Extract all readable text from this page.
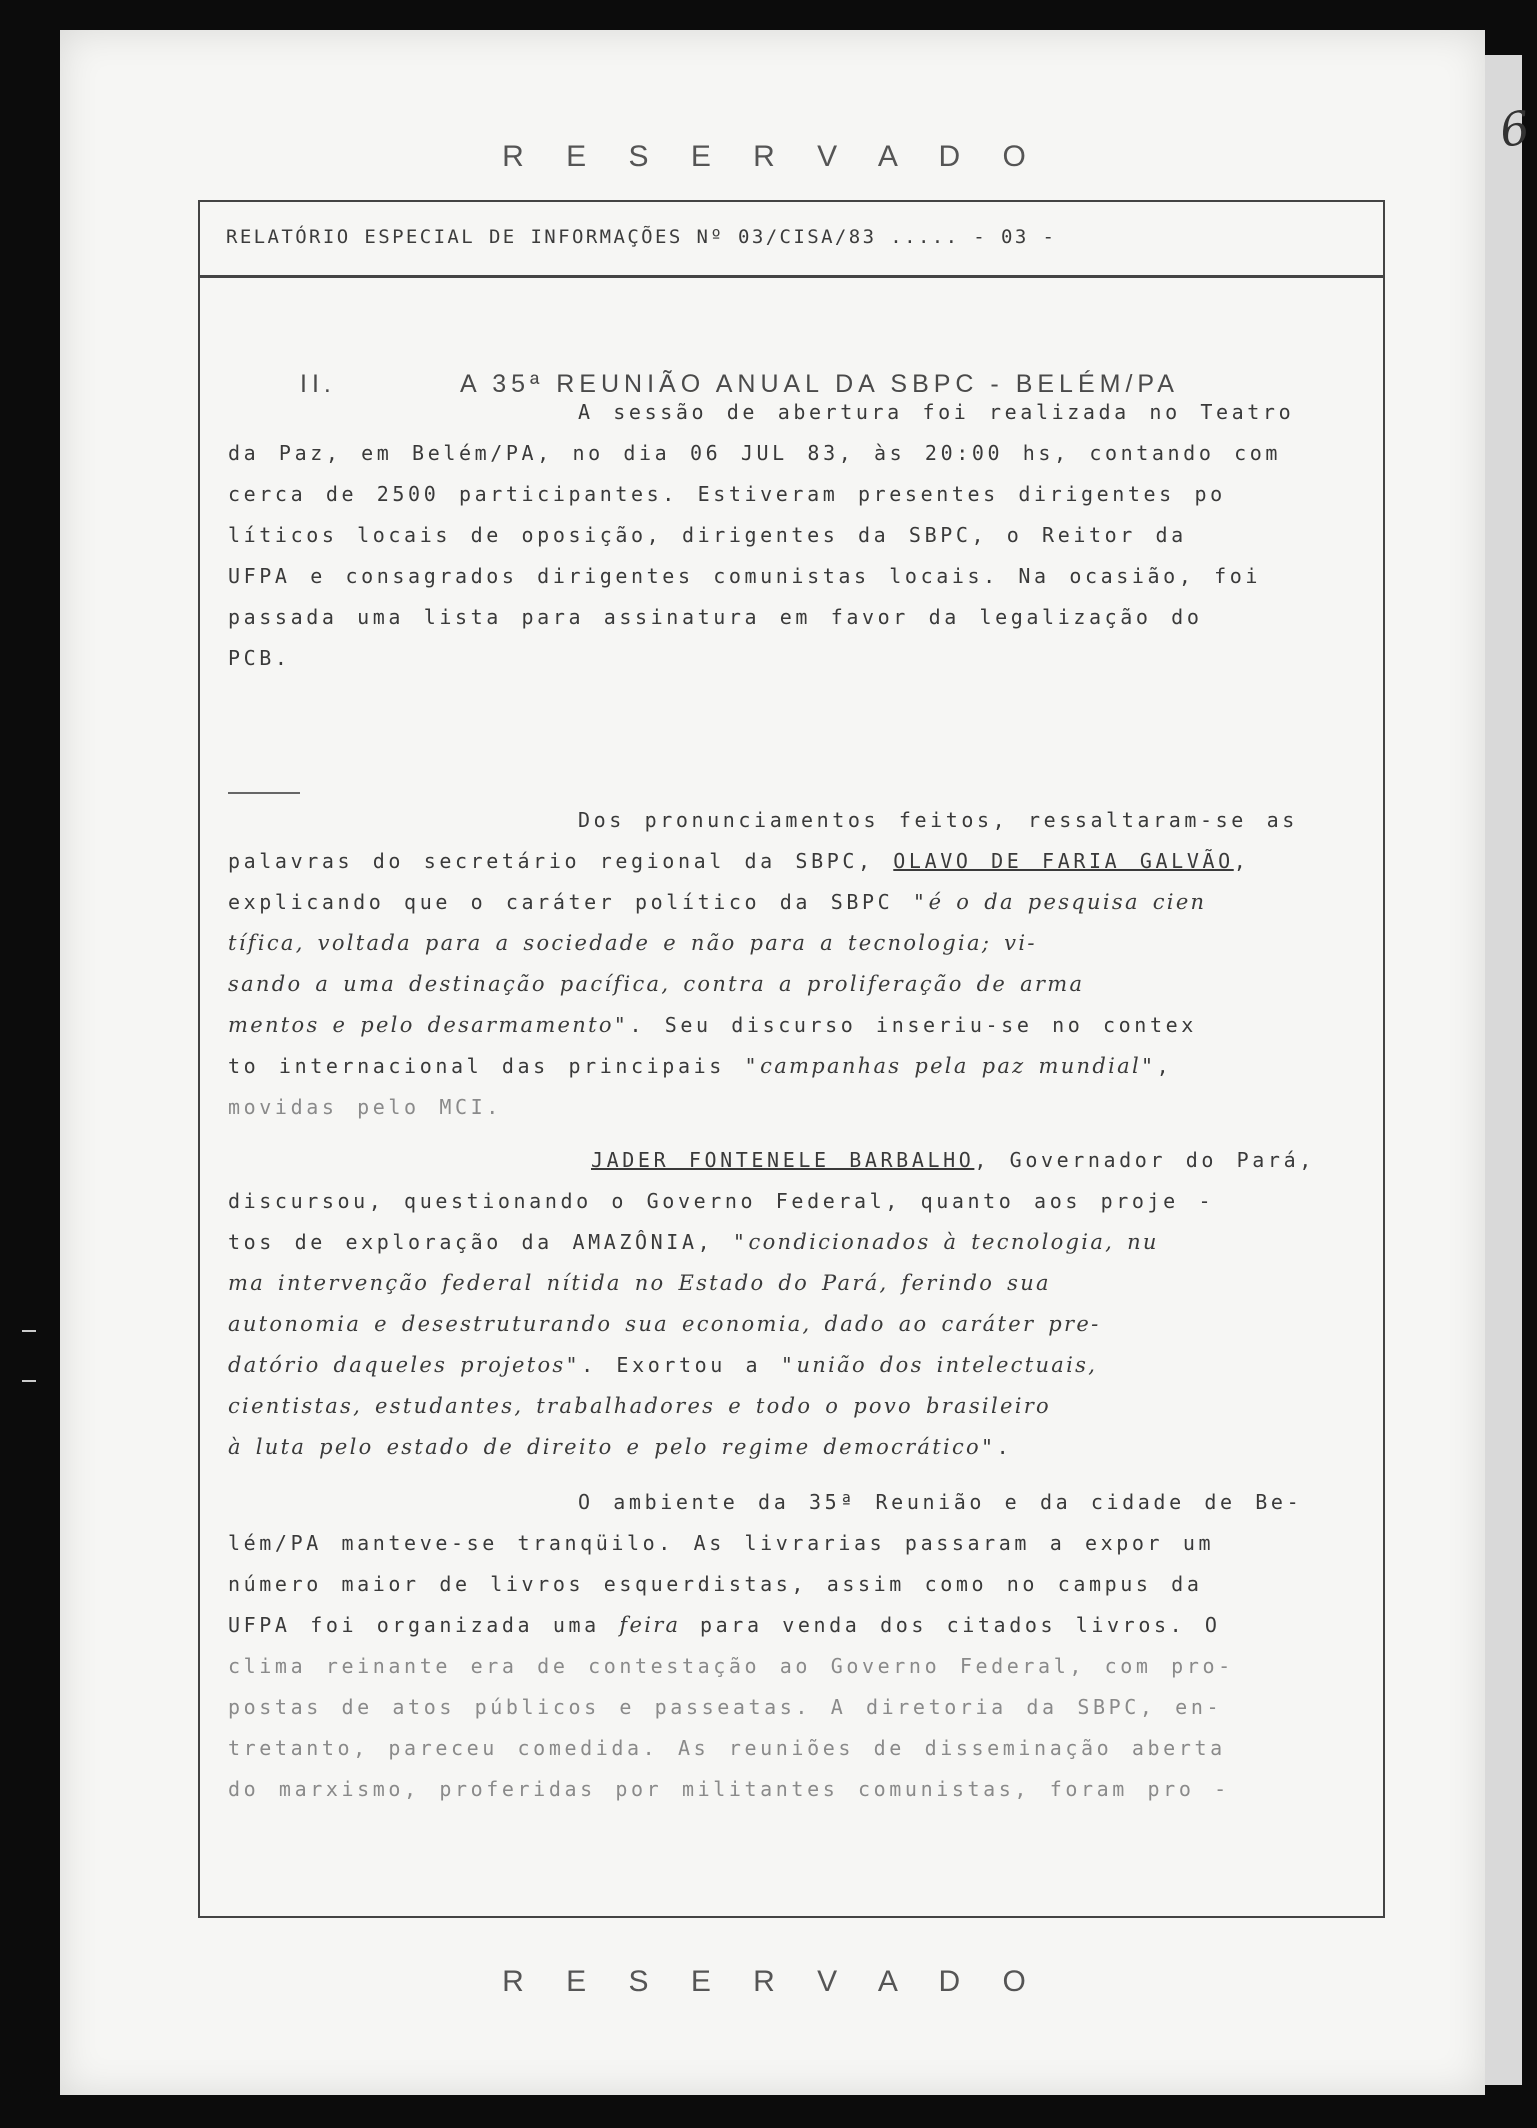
6
R E S E R V A D O
RELATÓRIO ESPECIAL DE INFORMAÇÕES Nº 03/CISA/83 ..... - 03 -
II.	A 35ª REUNIÃO ANUAL DA SBPC - BELÉM/PA

A sessão de abertura foi realizada no Teatro
da Paz, em Belém/PA, no dia 06 JUL 83, às 20:00 hs, contando com
cerca de 2500 participantes. Estiveram presentes dirigentes po
líticos locais de oposição, dirigentes da SBPC, o Reitor da
UFPA e consagrados dirigentes comunistas locais. Na ocasião, foi
passada uma lista para assinatura em favor da legalização do
PCB.

Dos pronunciamentos feitos, ressaltaram-se as
palavras do secretário regional da SBPC, OLAVO DE FARIA GALVÃO,
explicando que o caráter político da SBPC "é o da pesquisa cien
tífica, voltada para a sociedade e não para a tecnologia; vi-
sando a uma destinação pacífica, contra a proliferação de arma
mentos e pelo desarmamento". Seu discurso inseriu-se no contex
to internacional das principais "campanhas pela paz mundial",
movidas pelo MCI.

JADER FONTENELE BARBALHO, Governador do Pará,
discursou, questionando o Governo Federal, quanto aos proje -
tos de exploração da AMAZÔNIA, "condicionados à tecnologia, nu
ma intervenção federal nítida no Estado do Pará, ferindo sua
autonomia e desestruturando sua economia, dado ao caráter pre-
datório daqueles projetos". Exortou a "união dos intelectuais,
cientistas, estudantes, trabalhadores e todo o povo brasileiro
à luta pelo estado de direito e pelo regime democrático".

O ambiente da 35ª Reunião e da cidade de Be-
lém/PA manteve-se tranqüilo. As livrarias passaram a expor um
número maior de livros esquerdistas, assim como no campus da
UFPA foi organizada uma feira para venda dos citados livros. O
clima reinante era de contestação ao Governo Federal, com pro-
postas de atos públicos e passeatas. A diretoria da SBPC, en-
tretanto, pareceu comedida. As reuniões de disseminação aberta
do marxismo, proferidas por militantes comunistas, foram pro -

R E S E R V A D O
